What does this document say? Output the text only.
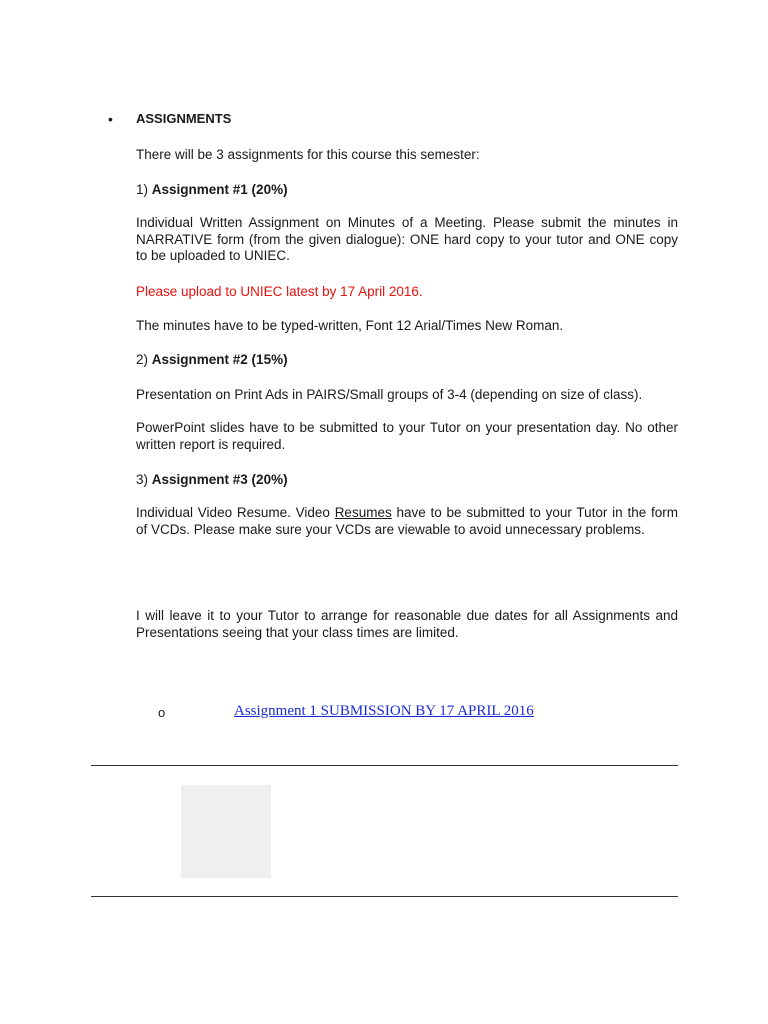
• ASSIGNMENTS
There will be 3 assignments for this course this semester:
1) Assignment #1 (20%)
Individual Written Assignment on Minutes of a Meeting. Please submit the minutes in NARRATIVE form (from the given dialogue): ONE hard copy to your tutor and ONE copy to be uploaded to UNIEC.
Please upload to UNIEC latest by 17 April 2016.
The minutes have to be typed-written, Font 12 Arial/Times New Roman.
2) Assignment #2 (15%)
Presentation on Print Ads in PAIRS/Small groups of 3-4 (depending on size of class).
PowerPoint slides have to be submitted to your Tutor on your presentation day. No other written report is required.
3) Assignment #3 (20%)
Individual Video Resume. Video Resumes have to be submitted to your Tutor in the form of VCDs. Please make sure your VCDs are viewable to avoid unnecessary problems.
I will leave it to your Tutor to arrange for reasonable due dates for all Assignments and Presentations seeing that your class times are limited.
o	Assignment 1 SUBMISSION BY 17 APRIL 2016
